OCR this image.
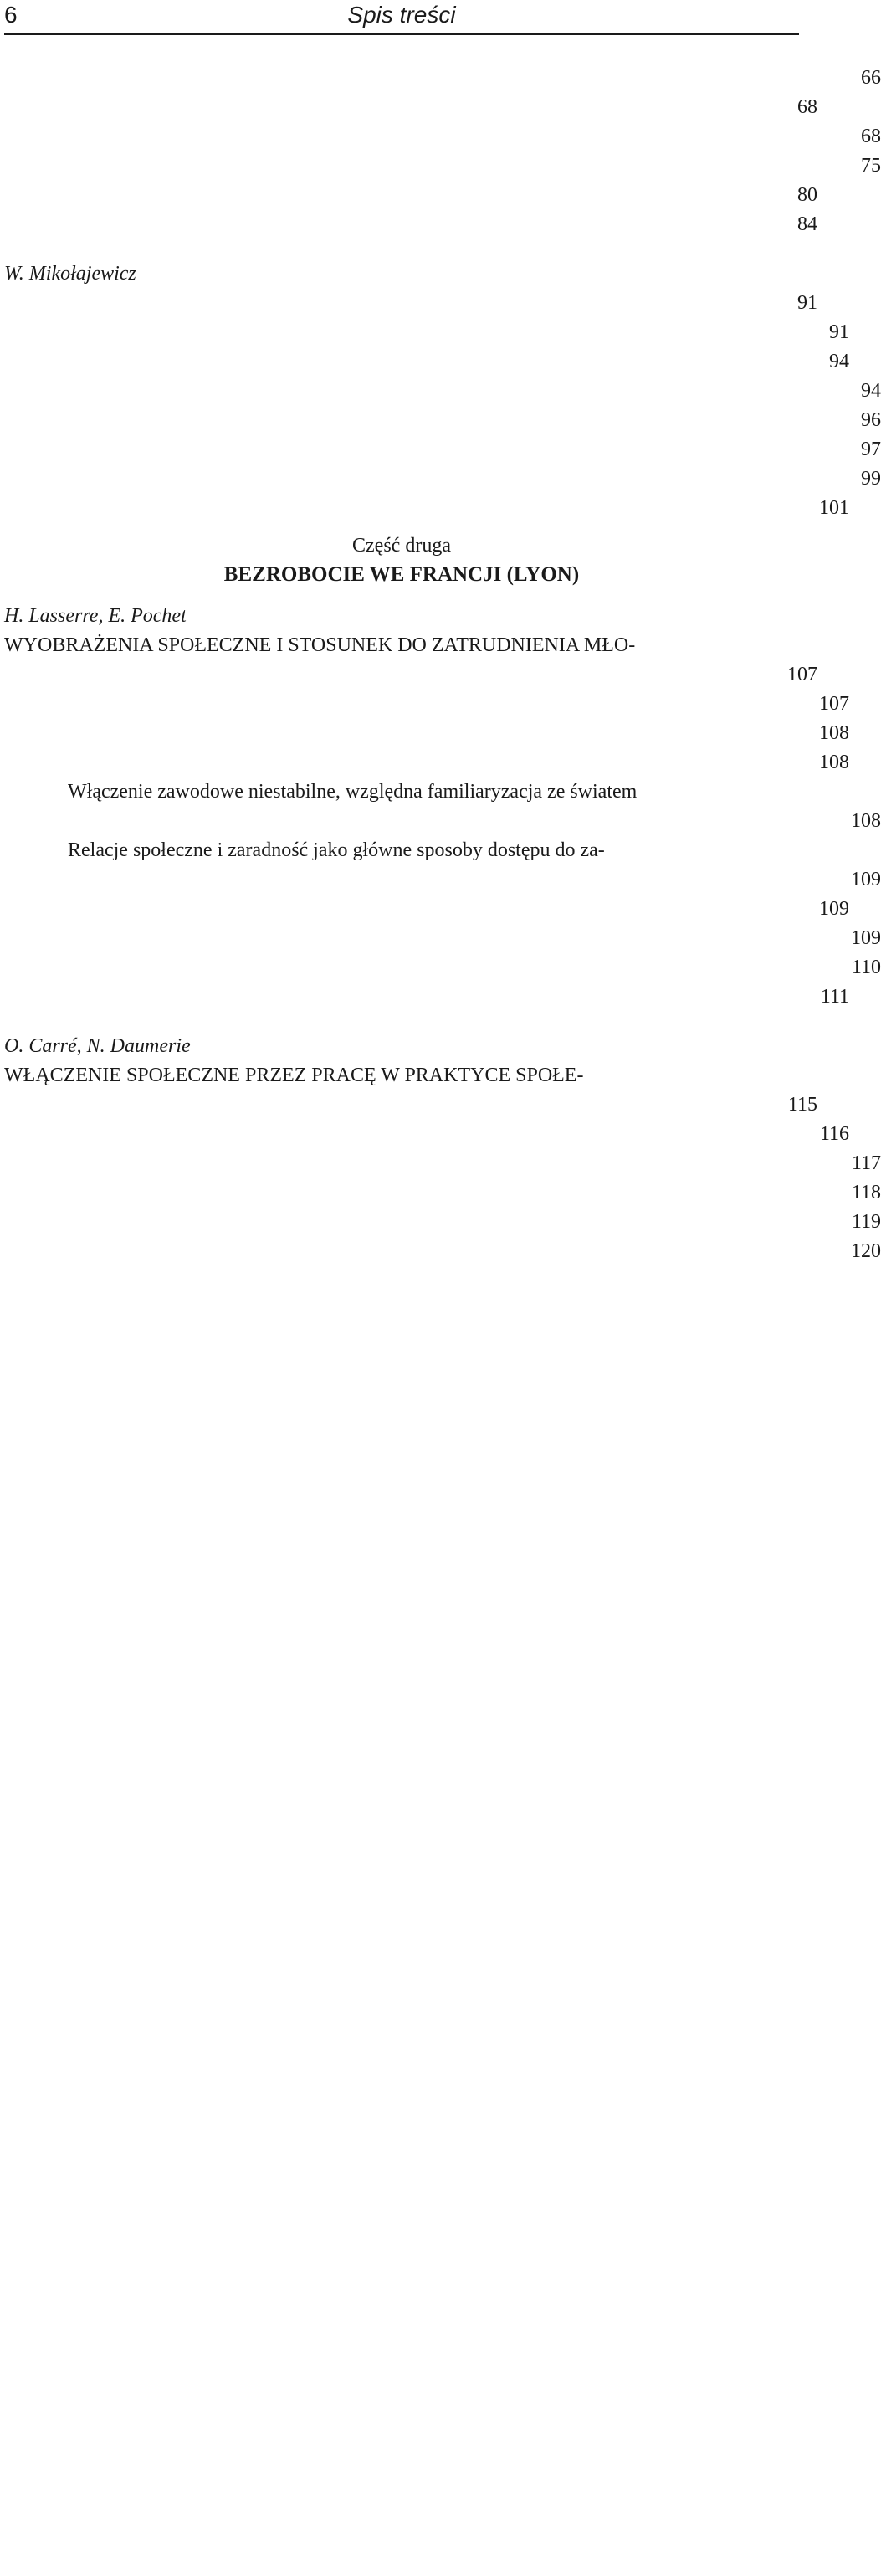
6	Spis treści
66
68
68
75
80
84
W. Mikołajewicz
91
91
94
94
96
97
99
101
Część druga
BEZROBOCIE WE FRANCJI (LYON)
H. Lasserre, E. Pochet
WYOBRAŻENIA SPOŁECZNE I STOSUNEK DO ZATRUDNIENIA MŁO-
107
107
108
108
Włączenie zawodowe niestabilne, względna familiaryzacja ze światem
108
Relacje społeczne i zaradność jako główne sposoby dostępu do za-
109
109
109
110
111
O. Carré, N. Daumerie
WŁĄCZENIE SPOŁECZNE PRZEZ PRACĘ W PRAKTYCE SPOŁE-
115
116
117
118
119
120
